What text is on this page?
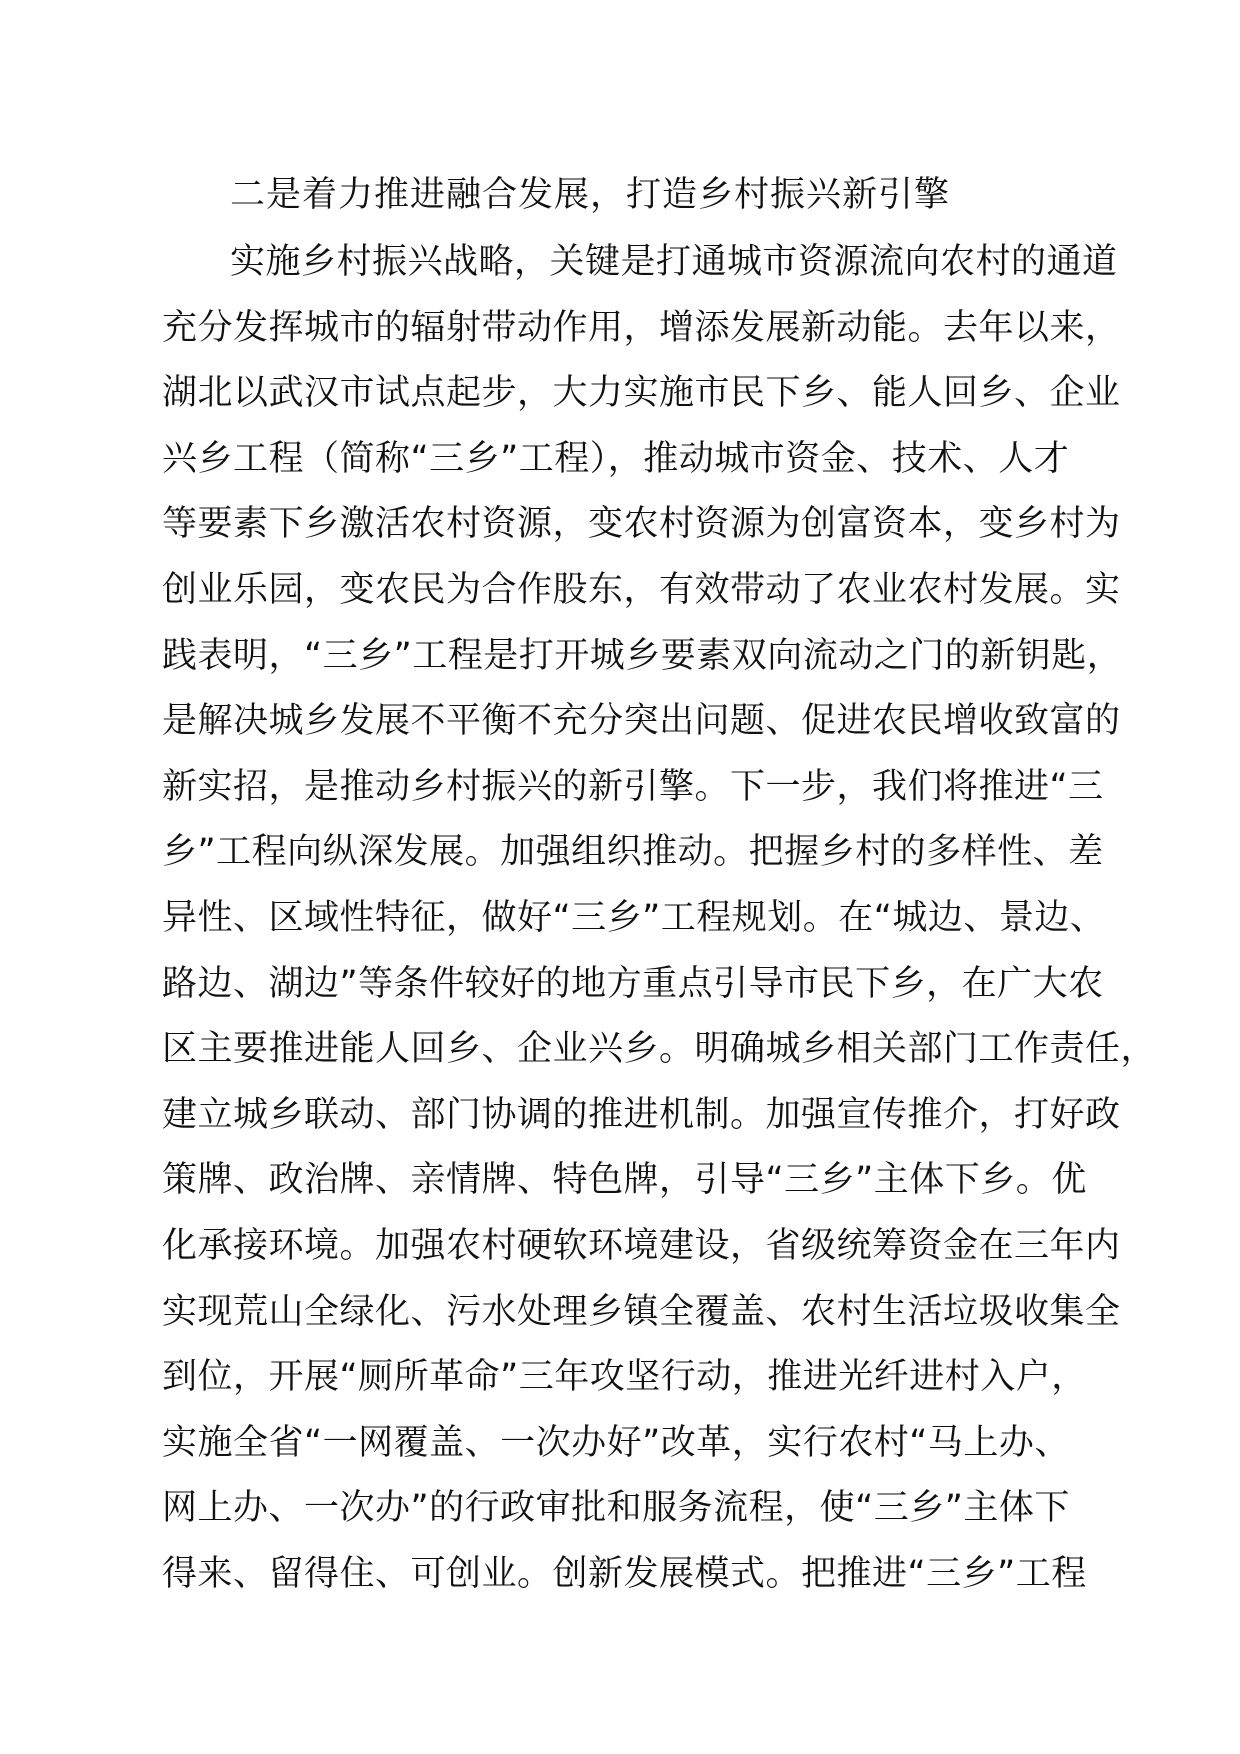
二是着力推进融合发展，打造乡村振兴新引擎
实施乡村振兴战略，关键是打通城市资源流向农村的通道
充分发挥城市的辐射带动作用，增添发展新动能。去年以来，
湖北以武汉市试点起步，大力实施市民下乡、能人回乡、企业
兴乡工程（简称“三乡”工程），推动城市资金、技术、人才
等要素下乡激活农村资源，变农村资源为创富资本，变乡村为
创业乐园，变农民为合作股东，有效带动了农业农村发展。实
践表明，“三乡”工程是打开城乡要素双向流动之门的新钥匙，
是解决城乡发展不平衡不充分突出问题、促进农民增收致富的
新实招，是推动乡村振兴的新引擎。下一步，我们将推进“三
乡”工程向纵深发展。加强组织推动。把握乡村的多样性、差
异性、区域性特征，做好“三乡”工程规划。在“城边、景边、
路边、湖边”等条件较好的地方重点引导市民下乡，在广大农
区主要推进能人回乡、企业兴乡。明确城乡相关部门工作责任，
建立城乡联动、部门协调的推进机制。加强宣传推介，打好政
策牌、政治牌、亲情牌、特色牌，引导“三乡”主体下乡。优
化承接环境。加强农村硬软环境建设，省级统筹资金在三年内
实现荒山全绿化、污水处理乡镇全覆盖、农村生活垃圾收集全
到位，开展“厕所革命”三年攻坚行动，推进光纤进村入户，
实施全省“一网覆盖、一次办好”改革，实行农村“马上办、
网上办、一次办”的行政审批和服务流程，使“三乡”主体下
得来、留得住、可创业。创新发展模式。把推进“三乡”工程
